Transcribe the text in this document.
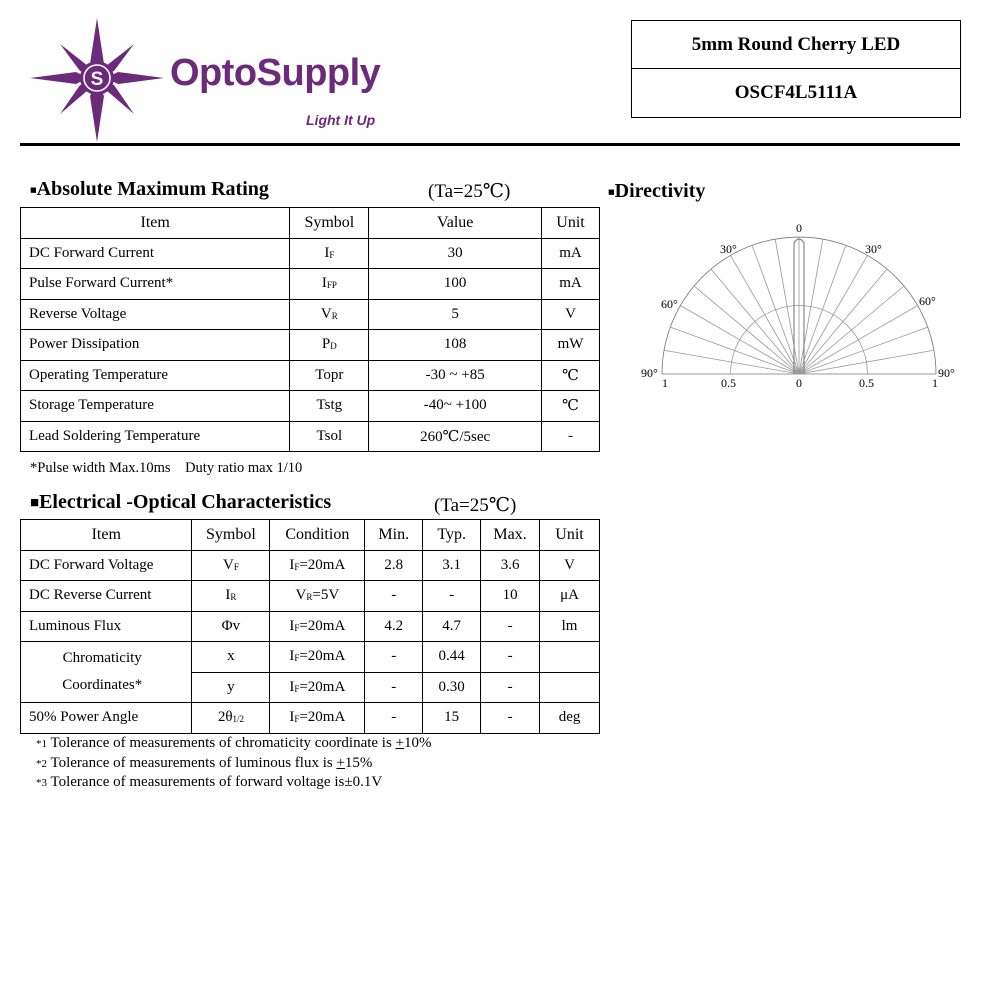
S OptoSupply
Light It Up
5mm Round Cherry LED
OSCF4L5111A
■Absolute Maximum Rating	(Ta=25℃)
Item	Symbol	Value	Unit
DC Forward Current	$I_F$	30	mA
Pulse Forward Current*	$I_{FP}$	100	mA
Reverse Voltage	$V_R$	5	V
Power Dissipation	$P_D$	108	mW
Operating Temperature	Topr	-30 ~ +85	℃
Storage Temperature	Tstg	-40~ +100	℃
Lead Soldering Temperature	Tsol	260℃/5sec	-
*Pulse width Max.10ms    Duty ratio max 1/10
■Electrical -Optical Characteristics	(Ta=25℃)
Item	Symbol	Condition	Min.	Typ.	Max.	Unit
DC Forward Voltage	$V_F$	$I_F=20mA$	2.8	3.1	3.6	V
DC Reverse Current	$I_R$	$V_R=5V$	-	-	10	μA
Luminous Flux	Φv	$I_F=20mA$	4.2	4.7	-	lm
Chromaticity
Coordinates*	x	$I_F=20mA$	-	0.44	-	
	y	$I_F=20mA$	-	0.30	-	
50% Power Angle	$2\theta_{1/2}$	$I_F=20mA$	-	15	-	deg
*1 Tolerance of measurements of chromaticity coordinate is +10%
*2 Tolerance of measurements of luminous flux is +15%
*3 Tolerance of measurements of forward voltage is±0.1V
■Directivity
0
30°	30°
60°	60°
90°	90°
1	0.5	0	0.5	1
